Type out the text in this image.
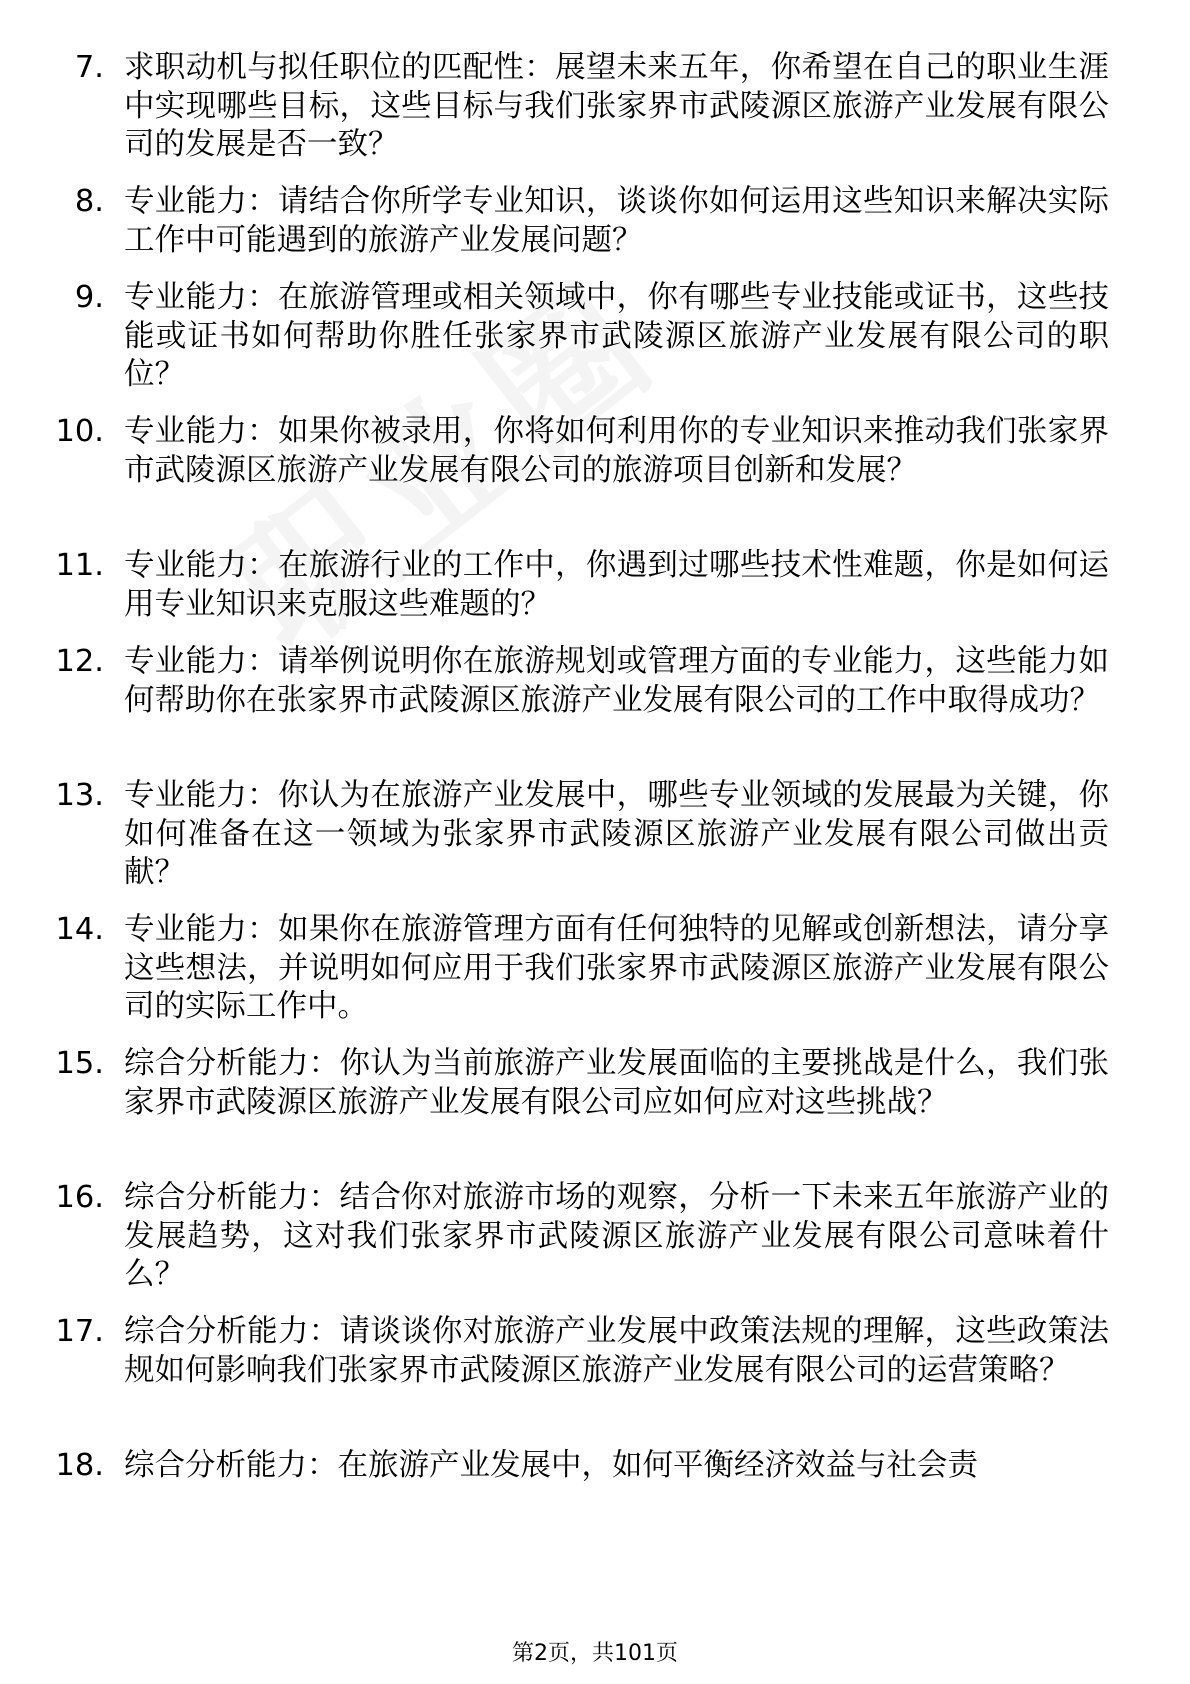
7. 求职动机与拟任职位的匹配性：展望未来五年，你希望在自己的职业生涯中实现哪些目标，这些目标与我们张家界市武陵源区旅游产业发展有限公司的发展是否一致？
8. 专业能力：请结合你所学专业知识，谈谈你如何运用这些知识来解决实际工作中可能遇到的旅游产业发展问题？
9. 专业能力：在旅游管理或相关领域中，你有哪些专业技能或证书，这些技能或证书如何帮助你胜任张家界市武陵源区旅游产业发展有限公司的职位？
10. 专业能力：如果你被录用，你将如何利用你的专业知识来推动我们张家界市武陵源区旅游产业发展有限公司的旅游项目创新和发展？
11. 专业能力：在旅游行业的工作中，你遇到过哪些技术性难题，你是如何运用专业知识来克服这些难题的？
12. 专业能力：请举例说明你在旅游规划或管理方面的专业能力，这些能力如何帮助你在张家界市武陵源区旅游产业发展有限公司的工作中取得成功？
13. 专业能力：你认为在旅游产业发展中，哪些专业领域的发展最为关键，你如何准备在这一领域为张家界市武陵源区旅游产业发展有限公司做出贡献？
14. 专业能力：如果你在旅游管理方面有任何独特的见解或创新想法，请分享这些想法，并说明如何应用于我们张家界市武陵源区旅游产业发展有限公司的实际工作中。
15. 综合分析能力：你认为当前旅游产业发展面临的主要挑战是什么，我们张家界市武陵源区旅游产业发展有限公司应如何应对这些挑战？
16. 综合分析能力：结合你对旅游市场的观察，分析一下未来五年旅游产业的发展趋势，这对我们张家界市武陵源区旅游产业发展有限公司意味着什么？
17. 综合分析能力：请谈谈你对旅游产业发展中政策法规的理解，这些政策法规如何影响我们张家界市武陵源区旅游产业发展有限公司的运营策略？
18. 综合分析能力：在旅游产业发展中，如何平衡经济效益与社会责
第2页，共101页
